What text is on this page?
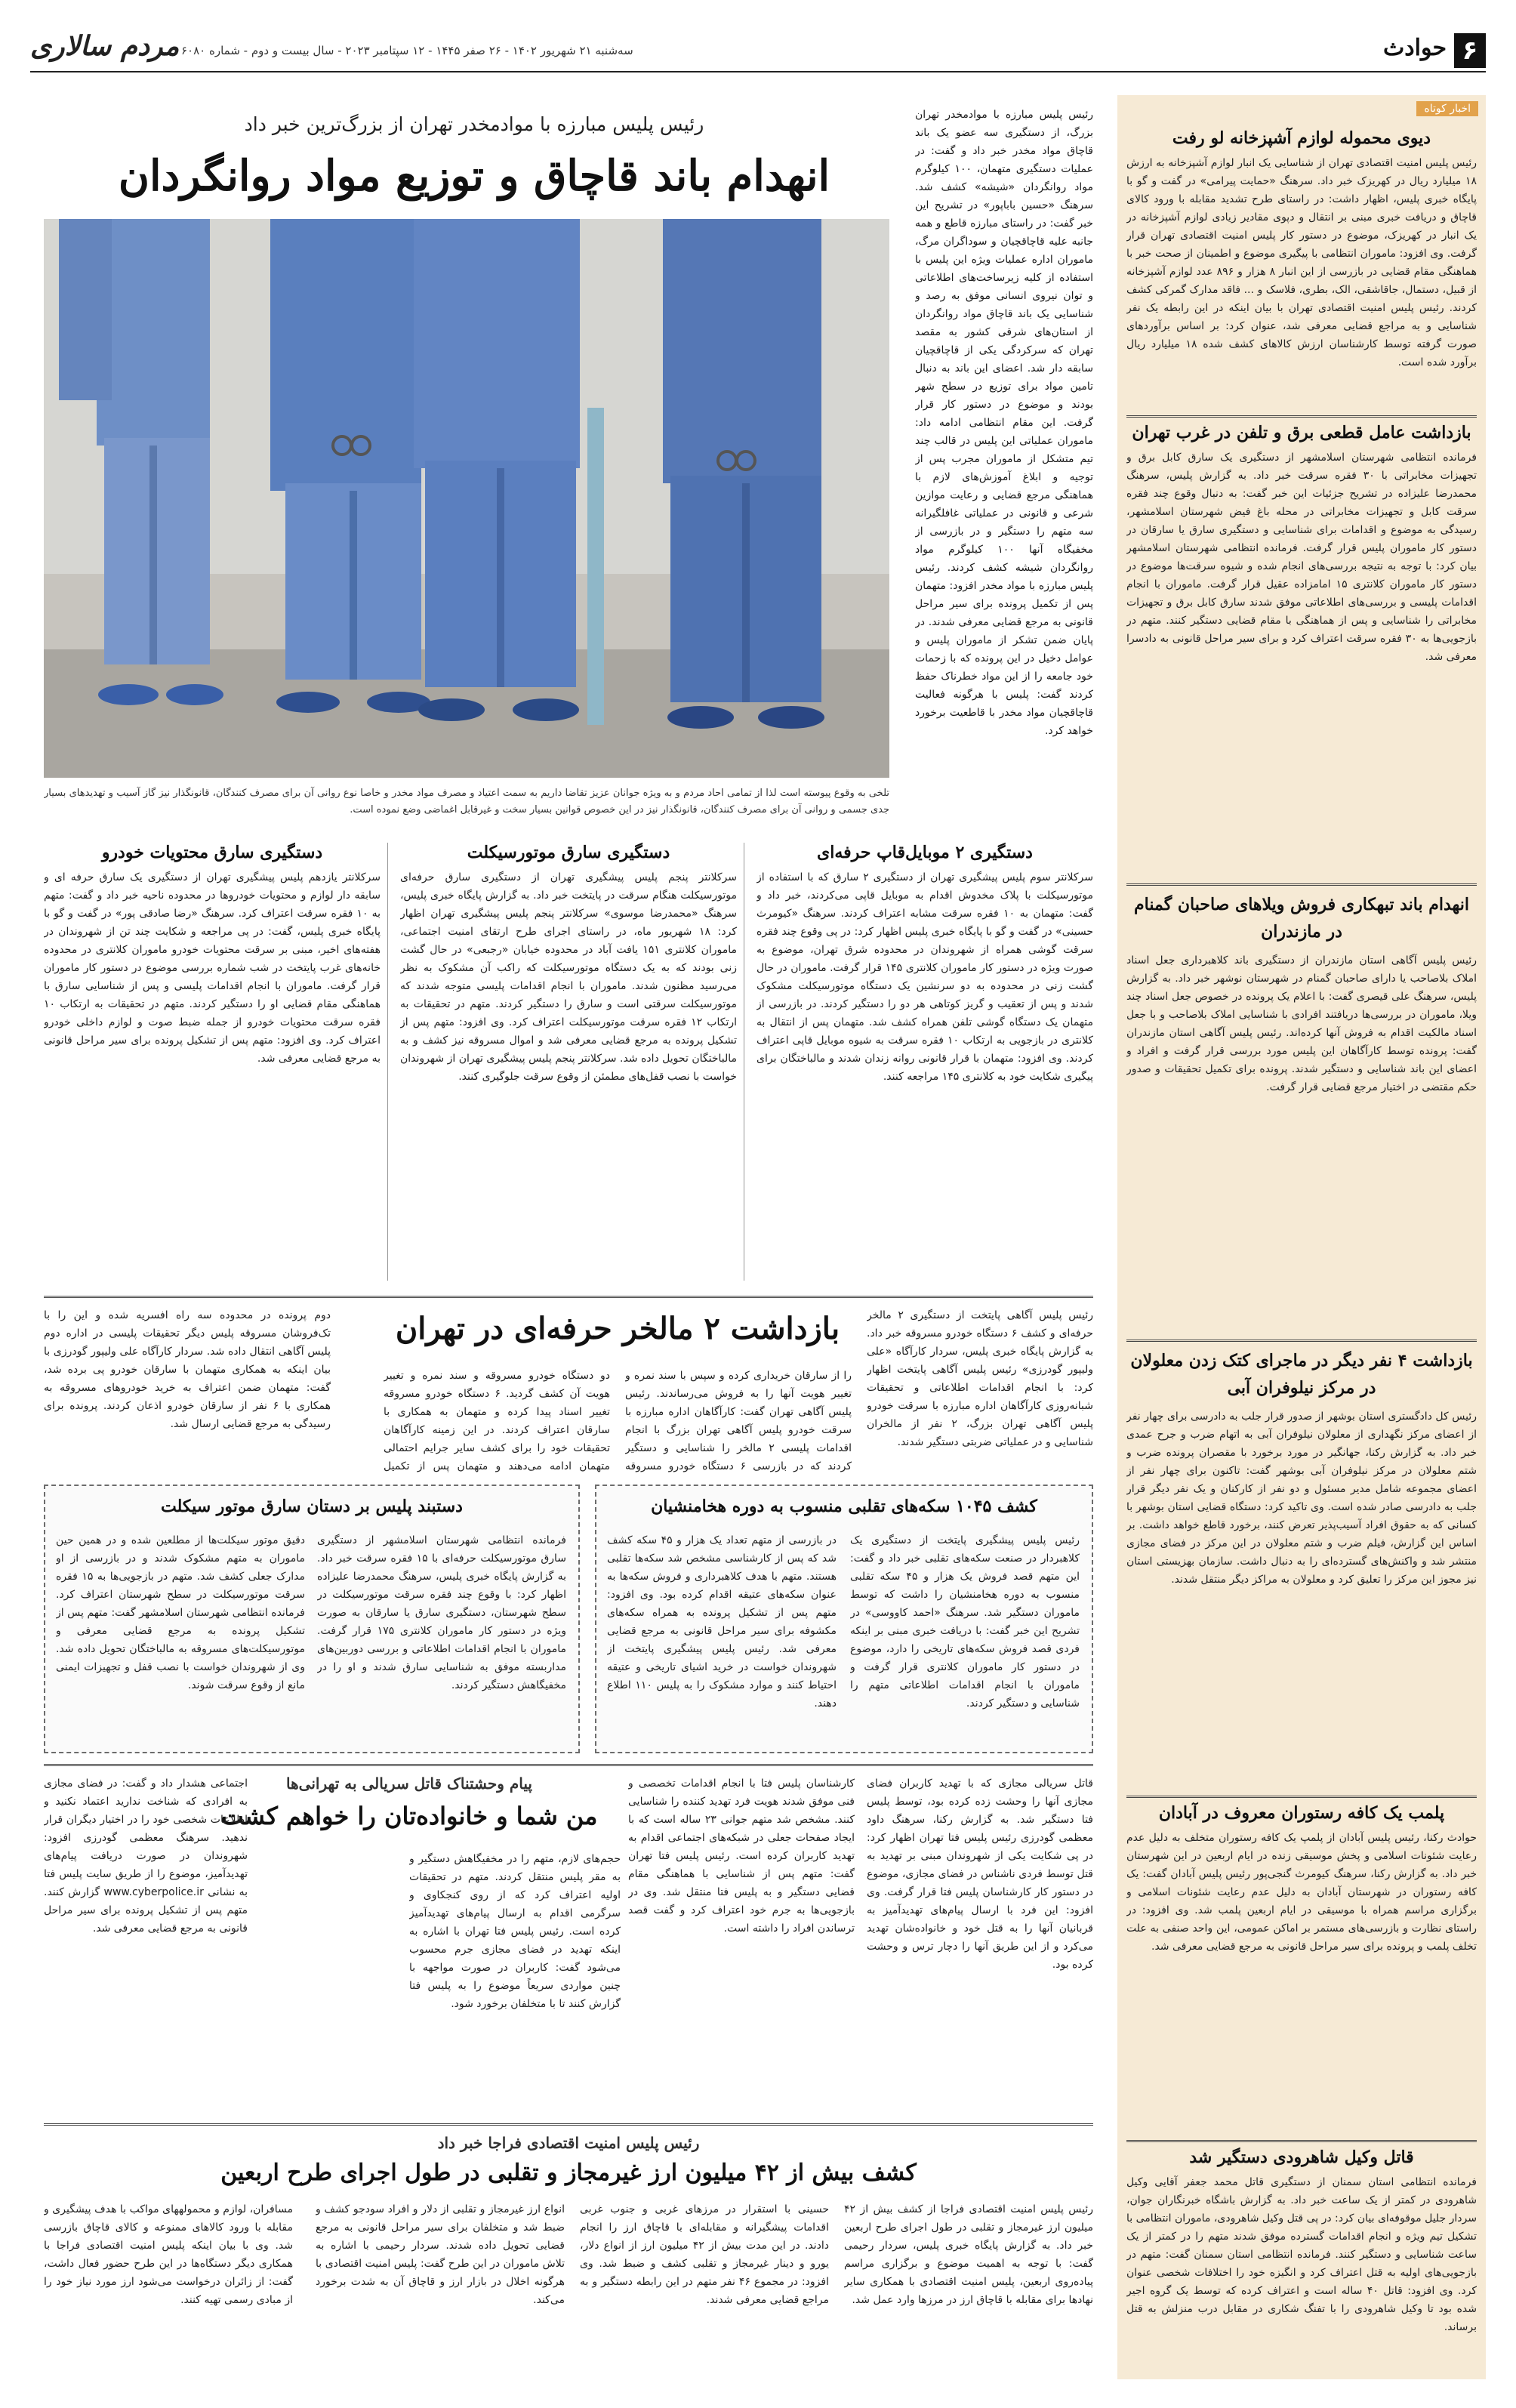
۶
حوادث
مردم سالاری سه‌شنبه ۲۱ شهریور ۱۴۰۲ - ۲۶ صفر ۱۴۴۵ - ۱۲ سپتامبر ۲۰۲۳ - سال بیست و دوم - شماره ۶۰۸۰
اخبار کوتاه
دیوی محموله لوازم آشپزخانه لو رفت
رئیس پلیس امنیت اقتصادی تهران از شناسایی یک انبار لوازم آشپزخانه به ارزش ۱۸ میلیارد ریال در کهریزک خبر داد. سرهنگ «حمایت پیرامی» در گفت و گو با پایگاه خبری پلیس، اظهار داشت: در راستای طرح تشدید مقابله با ورود کالای قاچاق و دریافت خبری مبنی بر انتقال و دپوی مقادیر زیادی لوازم آشپزخانه در یک انبار در کهریزک، موضوع در دستور کار پلیس امنیت اقتصادی تهران قرار گرفت. وی افزود: ماموران انتظامی با پیگیری موضوع و اطمینان از صحت خبر با هماهنگی مقام قضایی در بازرسی از این انبار ۸ هزار و ۸۹۶ عدد لوازم آشپزخانه از قبیل، دستمال، جاقاشقی، الک، بطری، فلاسک و ... فاقد مدارک گمرکی کشف کردند. رئیس پلیس امنیت اقتصادی تهران با بیان اینکه در این رابطه یک نفر شناسایی و به مراجع قضایی معرفی شد، عنوان کرد: بر اساس برآوردهای صورت گرفته توسط کارشناسان ارزش کالاهای کشف شده ۱۸ میلیارد ریال برآورد شده است.
بازداشت عامل قطعی برق و تلفن در غرب تهران
فرمانده انتظامی شهرستان اسلامشهر از دستگیری یک سارق کابل برق و تجهیزات مخابراتی با ۳۰ فقره سرقت خبر داد. به گزارش پلیس، سرهنگ محمدرضا علیزاده در تشریح جزئیات این خبر گفت: به دنبال وقوع چند فقره سرقت کابل و تجهیزات مخابراتی در محله باغ فیض شهرستان اسلامشهر، رسیدگی به موضوع و اقدامات برای شناسایی و دستگیری سارق یا سارقان در دستور کار ماموران پلیس قرار گرفت. فرمانده انتظامی شهرستان اسلامشهر بیان کرد: با توجه به نتیجه بررسی‌های انجام شده و شیوه سرقت‌ها موضوع در دستور کار ماموران کلانتری ۱۵ امامزاده عقیل قرار گرفت. ماموران با انجام اقدامات پلیسی و بررسی‌های اطلاعاتی موفق شدند سارق کابل برق و تجهیزات مخابراتی را شناسایی و پس از هماهنگی با مقام قضایی دستگیر کنند. متهم در بازجویی‌ها به ۳۰ فقره سرقت اعتراف کرد و برای سیر مراحل قانونی به دادسرا معرفی شد.
انهدام باند تبهکاری فروش ویلاهای صاحبان گمنام در مازندران
رئیس پلیس آگاهی استان مازندران از دستگیری باند کلاهبرداری جعل اسناد املاک بلاصاحب یا دارای صاحبان گمنام در شهرستان نوشهر خبر داد. به گزارش پلیس، سرهنگ علی قیصری گفت: با اعلام یک پرونده در خصوص جعل اسناد چند ویلا، ماموران در بررسی‌ها دریافتند افرادی با شناسایی املاک بلاصاحب و با جعل اسناد مالکیت اقدام به فروش آنها کرده‌اند. رئیس پلیس آگاهی استان مازندران گفت: پرونده توسط کارآگاهان این پلیس مورد بررسی قرار گرفت و افراد و اعضای این باند شناسایی و دستگیر شدند. پرونده برای تکمیل تحقیقات و صدور حکم مقتضی در اختیار مرجع قضایی قرار گرفت.
بازداشت ۴ نفر دیگر در ماجرای کتک زدن معلولان در مرکز نیلوفران آبی
رئیس کل دادگستری استان بوشهر از صدور قرار جلب به دادرسی برای چهار نفر از اعضای مرکز نگهداری از معلولان نیلوفران آبی به اتهام ضرب و جرح عمدی خبر داد. به گزارش رکنا، جهانگیر در مورد برخورد با مقصران پرونده ضرب و شتم معلولان در مرکز نیلوفران آبی بوشهر گفت: تاکنون برای چهار نفر از اعضای مجموعه شامل مدیر مسئول و دو نفر از کارکنان و یک نفر دیگر قرار جلب به دادرسی صادر شده است. وی تاکید کرد: دستگاه قضایی استان بوشهر با کسانی که به حقوق افراد آسیب‌پذیر تعرض کنند، برخورد قاطع خواهد داشت. بر اساس این گزارش، فیلم ضرب و شتم معلولان در این مرکز در فضای مجازی منتشر شد و واکنش‌های گسترده‌ای را به دنبال داشت. سازمان بهزیستی استان نیز مجوز این مرکز را تعلیق کرد و معلولان به مراکز دیگر منتقل شدند.
پلمب یک کافه رستوران معروف در آبادان
حوادث رکنا، رئیس پلیس آبادان از پلمپ یک کافه رستوران متخلف به دلیل عدم رعایت شئونات اسلامی و پخش موسیقی زنده در ایام اربعین در این شهرستان خبر داد. به گزارش رکنا، سرهنگ کیومرث گنجی‌پور رئیس پلیس آبادان گفت: یک کافه رستوران در شهرستان آبادان به دلیل عدم رعایت شئونات اسلامی و برگزاری مراسم همراه با موسیقی در ایام اربعین پلمب شد. وی افزود: در راستای نظارت و بازرسی‌های مستمر بر اماکن عمومی، این واحد صنفی به علت تخلف پلمب و پرونده برای سیر مراحل قانونی به مرجع قضایی معرفی شد.
قاتل وکیل شاهرودی دستگیر شد
فرمانده انتظامی استان سمنان از دستگیری قاتل محمد جعفر آقایی وکیل شاهرودی در کمتر از یک ساعت خبر داد. به گزارش باشگاه خبرنگاران جوان، سردار جلیل موقوفه‌ای بیان کرد: در پی قتل وکیل شاهرودی، ماموران انتظامی با تشکیل تیم ویژه و انجام اقدامات گسترده موفق شدند متهم را در کمتر از یک ساعت شناسایی و دستگیر کنند. فرمانده انتظامی استان سمنان گفت: متهم در بازجویی‌های اولیه به قتل اعتراف کرد و انگیزه خود را اختلافات شخصی عنوان کرد. وی افزود: قاتل ۴۰ ساله است و اعتراف کرده که توسط یک گروه اجیر شده بود تا وکیل شاهرودی را با تفنگ شکاری در مقابل درب منزلش به قتل برساند.
رئیس پلیس مبارزه با موادمخدر تهران بزرگ، از دستگیری سه عضو یک باند قاچاق مواد مخدر خبر داد و گفت: در عملیات دستگیری متهمان، ۱۰۰ کیلوگرم مواد روانگردان «شیشه» کشف شد. سرهنگ «حسین باباپور» در تشریح این خبر گفت: در راستای مبارزه قاطع و همه جانبه علیه قاچاقچیان و سوداگران مرگ، ماموران اداره عملیات ویژه این پلیس با استفاده از کلیه زیرساخت‌های اطلاعاتی و توان نیروی انسانی موفق به رصد و شناسایی یک باند قاچاق مواد روانگردان از استان‌های شرقی کشور به مقصد تهران که سرکردگی یکی از قاچاقچیان سابقه دار شد. اعضای این باند به دنبال تامین مواد برای توزیع در سطح شهر بودند و موضوع در دستور کار قرار گرفت. این مقام انتظامی ادامه داد: ماموران عملیاتی این پلیس در قالب چند تیم متشکل از ماموران مجرب پس از توجیه و ابلاغ آموزش‌های لازم با هماهنگی مرجع قضایی و رعایت موازین شرعی و قانونی در عملیاتی غافلگیرانه سه متهم را دستگیر و در بازرسی از مخفیگاه آنها ۱۰۰ کیلوگرم مواد روانگردان شیشه کشف کردند. رئیس پلیس مبارزه با مواد مخدر افزود: متهمان پس از تکمیل پرونده برای سیر مراحل قانونی به مرجع قضایی معرفی شدند. در پایان ضمن تشکر از ماموران پلیس و عوامل دخیل در این پرونده که با زحمات خود جامعه را از این مواد خطرناک حفظ کردند گفت: پلیس با هرگونه فعالیت قاچاقچیان مواد مخدر با قاطعیت برخورد خواهد کرد.
رئیس پلیس مبارزه با موادمخدر تهران از بزرگ‌ترین خبر داد
انهدام باند قاچاق و توزیع مواد روانگردان
تلخی به وقوع پیوسته است لذا از تمامی احاد مردم و به ویژه جوانان عزیز تقاضا داریم به سمت اعتیاد و مصرف مواد مخدر و خاصا نوع روانی آن برای مصرف کنندگان، قانونگذار نیز گاز آسیب و تهدیدهای بسیار جدی جسمی و روانی آن برای مصرف کنندگان، قانونگذار نیز در این خصوص قوانین بسیار سخت و غیرقابل اغماضی وضع نموده است.
دستگیری ۲ موبایل‌قاپ حرفه‌ای
سرکلانتر سوم پلیس پیشگیری تهران از دستگیری ۲ سارق که با استفاده از موتورسیکلت با پلاک مخدوش اقدام به موبایل قاپی می‌کردند، خبر داد و گفت: متهمان به ۱۰ فقره سرقت مشابه اعتراف کردند. سرهنگ «کیومرث حسینی» در گفت و گو با پایگاه خبری پلیس اظهار کرد: در پی وقوع چند فقره سرقت گوشی همراه از شهروندان در محدوده شرق تهران، موضوع به صورت ویژه در دستور کار ماموران کلانتری ۱۴۵ قرار گرفت. ماموران در حال گشت زنی در محدوده به دو سرنشین یک دستگاه موتورسیکلت مشکوک شدند و پس از تعقیب و گریز کوتاهی هر دو را دستگیر کردند. در بازرسی از متهمان یک دستگاه گوشی تلفن همراه کشف شد. متهمان پس از انتقال به کلانتری در بازجویی به ارتکاب ۱۰ فقره سرقت به شیوه موبایل قاپی اعتراف کردند. وی افزود: متهمان با قرار قانونی روانه زندان شدند و مالباختگان برای پیگیری شکایت خود به کلانتری ۱۴۵ مراجعه کنند.
دستگیری سارق موتورسیکلت
سرکلانتر پنجم پلیس پیشگیری تهران از دستگیری سارق حرفه‌ای موتورسیکلت هنگام سرقت در پایتخت خبر داد. به گزارش پایگاه خبری پلیس، سرهنگ «محمدرضا موسوی» سرکلانتر پنجم پلیس پیشگیری تهران اظهار کرد: ۱۸ شهریور ماه، در راستای اجرای طرح ارتقای امنیت اجتماعی، ماموران کلانتری ۱۵۱ یافت آباد در محدوده خیابان «رجبعی» در حال گشت زنی بودند که به یک دستگاه موتورسیکلت که راکب آن مشکوک به نظر می‌رسید مظنون شدند. ماموران با انجام اقدامات پلیسی متوجه شدند که موتورسیکلت سرقتی است و سارق را دستگیر کردند. متهم در تحقیقات به ارتکاب ۱۲ فقره سرقت موتورسیکلت اعتراف کرد. وی افزود: متهم پس از تشکیل پرونده به مرجع قضایی معرفی شد و اموال مسروقه نیز کشف و به مالباختگان تحویل داده شد. سرکلانتر پنجم پلیس پیشگیری تهران از شهروندان خواست با نصب قفل‌های مطمئن از وقوع سرقت جلوگیری کنند.
دستگیری سارق محتویات خودرو
سرکلانتر یازدهم پلیس پیشگیری تهران از دستگیری یک سارق حرفه ای و سابقه دار لوازم و محتویات خودروها در محدوده ناحیه خبر داد و گفت: متهم به ۱۰ فقره سرقت اعتراف کرد. سرهنگ «رضا صادقی پور» در گفت و گو با پایگاه خبری پلیس، گفت: در پی مراجعه و شکایت چند تن از شهروندان در هفته‌های اخیر، مبنی بر سرقت محتویات خودرو ماموران کلانتری در محدوده خانه‌های غرب پایتخت در شب شماره بررسی موضوع در دستور کار ماموران قرار گرفت. ماموران با انجام اقدامات پلیسی و پس از شناسایی سارق با هماهنگی مقام قضایی او را دستگیر کردند. متهم در تحقیقات به ارتکاب ۱۰ فقره سرقت محتویات خودرو از جمله ضبط صوت و لوازم داخلی خودرو اعتراف کرد. وی افزود: متهم پس از تشکیل پرونده برای سیر مراحل قانونی به مرجع قضایی معرفی شد.
رئیس پلیس آگاهی پایتخت از دستگیری ۲ مالخر حرفه‌ای و کشف ۶ دستگاه خودرو مسروقه خبر داد. به گزارش پایگاه خبری پلیس، سردار کارآگاه «علی ولیپور گودرزی» رئیس پلیس آگاهی پایتخت اظهار کرد: با انجام اقدامات اطلاعاتی و تحقیقات شبانه‌روزی کارآگاهان اداره مبارزه با سرقت خودرو پلیس آگاهی تهران بزرگ، ۲ نفر از مالخران شناسایی و در عملیاتی ضربتی دستگیر شدند.
بازداشت ۲ مالخر حرفه‌ای در تهران
را از سارقان خریداری کرده و سپس با سند نمره و تغییر هویت آنها را به فروش می‌رساندند. رئیس پلیس آگاهی تهران گفت: کارآگاهان اداره مبارزه با سرقت خودرو پلیس آگاهی تهران بزرگ با انجام اقدامات پلیسی ۲ مالخر را شناسایی و دستگیر کردند که در بازرسی ۶ دستگاه خودرو مسروقه
دو دستگاه خودرو مسروقه و سند نمره و تغییر هویت آن کشف گردید. ۶ دستگاه خودرو مسروقه تغییر اسناد پیدا کرده و متهمان به همکاری با سارقان اعتراف کردند. در این زمینه کارآگاهان تحقیقات خود را برای کشف سایر جرایم احتمالی متهمان ادامه می‌دهند و متهمان پس از تکمیل
دوم پرونده در محدوده سه راه افسریه شده و این را با تک‌فروشان مسروقه پلیس دیگر تحقیقات پلیسی در اداره دوم پلیس آگاهی انتقال داده شد. سردار کارآگاه علی ولیپور گودرزی با بیان اینکه به همکاری متهمان با سارقان خودرو پی برده شد، گفت: متهمان ضمن اعتراف به خرید خودروهای مسروقه به همکاری با ۶ نفر از سارقان خودرو اذعان کردند. پرونده برای رسیدگی به مرجع قضایی ارسال شد.
کشف ۱۰۴۵ سکه‌های تقلبی منسوب به دوره هخامنشیان
رئیس پلیس پیشگیری پایتخت از دستگیری یک کلاهبردار در صنعت سکه‌های تقلبی خبر داد و گفت: این متهم قصد فروش یک هزار و ۴۵ سکه تقلبی منسوب به دوره هخامنشیان را داشت که توسط ماموران دستگیر شد. سرهنگ «احمد کاووسی» در تشریح این خبر گفت: با دریافت خبری مبنی بر اینکه فردی قصد فروش سکه‌های تاریخی را دارد، موضوع در دستور کار ماموران کلانتری قرار گرفت و ماموران با انجام اقدامات اطلاعاتی متهم را شناسایی و دستگیر کردند.
در بازرسی از متهم تعداد یک هزار و ۴۵ سکه کشف شد که پس از کارشناسی مشخص شد سکه‌ها تقلبی هستند. متهم با هدف کلاهبرداری و فروش سکه‌ها به عنوان سکه‌های عتیقه اقدام کرده بود. وی افزود: متهم پس از تشکیل پرونده به همراه سکه‌های مکشوفه برای سیر مراحل قانونی به مرجع قضایی معرفی شد. رئیس پلیس پیشگیری پایتخت از شهروندان خواست در خرید اشیای تاریخی و عتیقه احتیاط کنند و موارد مشکوک را به پلیس ۱۱۰ اطلاع دهند.
دستبند پلیس بر دستان سارق موتور سیکلت
فرمانده انتظامی شهرستان اسلامشهر از دستگیری سارق موتورسیکلت حرفه‌ای با ۱۵ فقره سرقت خبر داد. به گزارش پایگاه خبری پلیس، سرهنگ محمدرضا علیزاده اظهار کرد: با وقوع چند فقره سرقت موتورسیکلت در سطح شهرستان، دستگیری سارق یا سارقان به صورت ویژه در دستور کار ماموران کلانتری ۱۷۵ قرار گرفت. ماموران با انجام اقدامات اطلاعاتی و بررسی دوربین‌های مداربسته موفق به شناسایی سارق شدند و او را در مخفیگاهش دستگیر کردند.
دقیق موتور سیکلت‌ها از مطلعین شده و در همین حین ماموران به متهم مشکوک شدند و در بازرسی از او مدارک جعلی کشف شد. متهم در بازجویی‌ها به ۱۵ فقره سرقت موتورسیکلت در سطح شهرستان اعتراف کرد. فرمانده انتظامی شهرستان اسلامشهر گفت: متهم پس از تشکیل پرونده به مرجع قضایی معرفی و موتورسیکلت‌های مسروقه به مالباختگان تحویل داده شد. وی از شهروندان خواست با نصب قفل و تجهیزات ایمنی مانع از وقوع سرقت شوند.
قاتل سریالی مجازی که با تهدید کاربران فضای مجازی آنها را وحشت زده کرده بود، توسط پلیس فتا دستگیر شد. به گزارش رکنا، سرهنگ داود معظمی گودرزی رئیس پلیس فتا تهران اظهار کرد: در پی شکایت یکی از شهروندان مبنی بر تهدید به قتل توسط فردی ناشناس در فضای مجازی، موضوع در دستور کار کارشناسان پلیس فتا قرار گرفت. وی افزود: این فرد با ارسال پیام‌های تهدیدآمیز به قربانیان آنها را به قتل خود و خانواده‌شان تهدید می‌کرد و از این طریق آنها را دچار ترس و وحشت کرده بود.
کارشناسان پلیس فتا با انجام اقدامات تخصصی و فنی موفق شدند هویت فرد تهدید کننده را شناسایی کنند. مشخص شد متهم جوانی ۲۳ ساله است که با ایجاد صفحات جعلی در شبکه‌های اجتماعی اقدام به تهدید کاربران کرده است. رئیس پلیس فتا تهران گفت: متهم پس از شناسایی با هماهنگی مقام قضایی دستگیر و به پلیس فتا منتقل شد. وی در بازجویی‌ها به جرم خود اعتراف کرد و گفت قصد ترساندن افراد را داشته است.
پیام وحشتناک قاتل سریالی به تهرانی‌ها
من شما و خانواده‌تان را خواهم کشت
حجم‌های لازم، متهم را در مخفیگاهش دستگیر و به مقر پلیس منتقل کردند. متهم در تحقیقات اولیه اعتراف کرد که از روی کنجکاوی و سرگرمی اقدام به ارسال پیام‌های تهدیدآمیز کرده است. رئیس پلیس فتا تهران با اشاره به اینکه تهدید در فضای مجازی جرم محسوب می‌شود گفت: کاربران در صورت مواجهه با چنین مواردی سریعاً موضوع را به پلیس فتا گزارش کنند تا با متخلفان برخورد شود.
اجتماعی هشدار داد و گفت: در فضای مجازی به افرادی که شناخت ندارید اعتماد نکنید و اطلاعات شخصی خود را در اختیار دیگران قرار ندهید. سرهنگ معظمی گودرزی افزود: شهروندان در صورت دریافت پیام‌های تهدیدآمیز، موضوع را از طریق سایت پلیس فتا به نشانی www.cyberpolice.ir گزارش کنند. متهم پس از تشکیل پرونده برای سیر مراحل قانونی به مرجع قضایی معرفی شد.
رئیس پلیس امنیت اقتصادی فراجا خبر داد
کشف بیش از ۴۲ میلیون ارز غیرمجاز و تقلبی در طول اجرای طرح اربعین
رئیس پلیس امنیت اقتصادی فراجا از کشف بیش از ۴۲ میلیون ارز غیرمجاز و تقلبی در طول اجرای طرح اربعین خبر داد. به گزارش پایگاه خبری پلیس، سردار رحیمی گفت: با توجه به اهمیت موضوع و برگزاری مراسم پیاده‌روی اربعین، پلیس امنیت اقتصادی با همکاری سایر نهادها برای مقابله با قاچاق ارز در مرزها وارد عمل شد.
حسینی با استقرار در مرزهای غربی و جنوب غربی اقدامات پیشگیرانه و مقابله‌ای با قاچاق ارز را انجام دادند. در این مدت بیش از ۴۲ میلیون ارز از انواع دلار، یورو و دینار غیرمجاز و تقلبی کشف و ضبط شد. وی افزود: در مجموع ۴۶ نفر متهم در این رابطه دستگیر و به مراجع قضایی معرفی شدند.
انواع ارز غیرمجاز و تقلبی از دلار و افراد سودجو کشف و ضبط شد و متخلفان برای سیر مراحل قانونی به مرجع قضایی تحویل داده شدند. سردار رحیمی با اشاره به تلاش ماموران در این طرح گفت: پلیس امنیت اقتصادی با هرگونه اخلال در بازار ارز و قاچاق آن به شدت برخورد می‌کند.
مسافران، لوازم و محمولههای مواکب با هدف پیشگیری و مقابله با ورود کالاهای ممنوعه و کالای قاچاق بازرسی شد. وی با بیان اینکه پلیس امنیت اقتصادی فراجا با همکاری دیگر دستگاه‌ها در این طرح حضور فعال داشت، گفت: از زائران درخواست می‌شود ارز مورد نیاز خود را از مبادی رسمی تهیه کنند.
